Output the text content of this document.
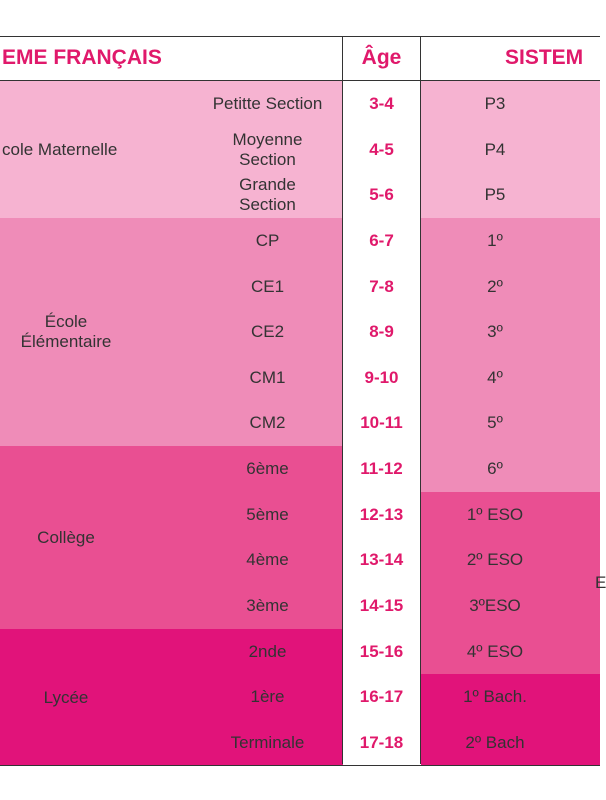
EME FRANÇAIS	Âge	SISTEM
cole Maternelle
École
Élémentaire
Collège
Lycée
Petitte Section
Moyenne
Section
Grande
Section
CP
CE1
CE2
CM1
CM2
6ème
5ème
4ème
3ème
2nde
1ère
Terminale
3-4
4-5
5-6
6-7
7-8
8-9
9-10
10-11
11-12
12-13
13-14
14-15
15-16
16-17
17-18
P3
P4
P5
1º
2º
3º
4º
5º
6º
1º ESO
2º ESO
3ºESO
4º ESO
1º Bach.
2º Bach
E
